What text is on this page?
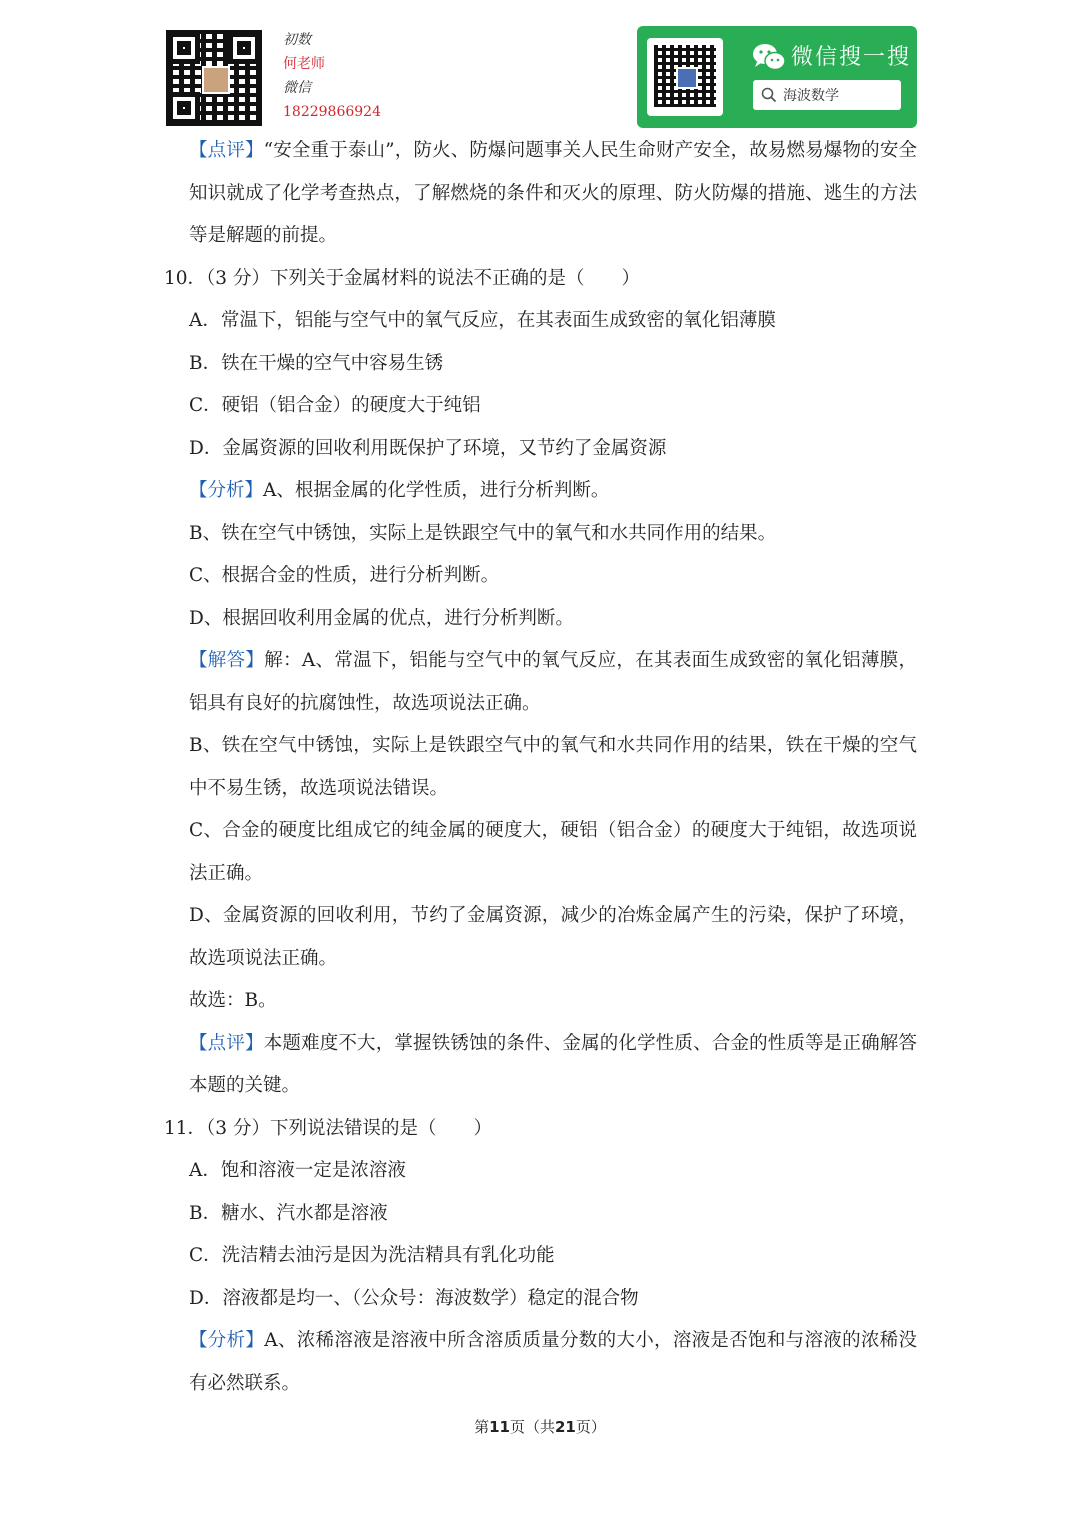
初数
何老师
微信
18229866924
微信搜一搜
海波数学
【点评】“安全重于泰山”，防火、防爆问题事关人民生命财产安全，故易燃易爆物的安全
知识就成了化学考查热点，了解燃烧的条件和灭火的原理、防火防爆的措施、逃生的方法
等是解题的前提。
10．（3 分）下列关于金属材料的说法不正确的是（　　）
A．常温下，铝能与空气中的氧气反应，在其表面生成致密的氧化铝薄膜
B．铁在干燥的空气中容易生锈
C．硬铝（铝合金）的硬度大于纯铝
D．金属资源的回收利用既保护了环境，又节约了金属资源
【分析】A、根据金属的化学性质，进行分析判断。
B、铁在空气中锈蚀，实际上是铁跟空气中的氧气和水共同作用的结果。
C、根据合金的性质，进行分析判断。
D、根据回收利用金属的优点，进行分析判断。
【解答】解：A、常温下，铝能与空气中的氧气反应，在其表面生成致密的氧化铝薄膜，
铝具有良好的抗腐蚀性，故选项说法正确。
B、铁在空气中锈蚀，实际上是铁跟空气中的氧气和水共同作用的结果，铁在干燥的空气
中不易生锈，故选项说法错误。
C、合金的硬度比组成它的纯金属的硬度大，硬铝（铝合金）的硬度大于纯铝，故选项说
法正确。
D、金属资源的回收利用，节约了金属资源，减少的冶炼金属产生的污染，保护了环境，
故选项说法正确。
故选：B。
【点评】本题难度不大，掌握铁锈蚀的条件、金属的化学性质、合金的性质等是正确解答
本题的关键。
11．（3 分）下列说法错误的是（　　）
A．饱和溶液一定是浓溶液
B．糖水、汽水都是溶液
C．洗洁精去油污是因为洗洁精具有乳化功能
D．溶液都是均一、（公众号：海波数学）稳定的混合物
【分析】A、浓稀溶液是溶液中所含溶质质量分数的大小，溶液是否饱和与溶液的浓稀没
有必然联系。
第11页（共21页）
